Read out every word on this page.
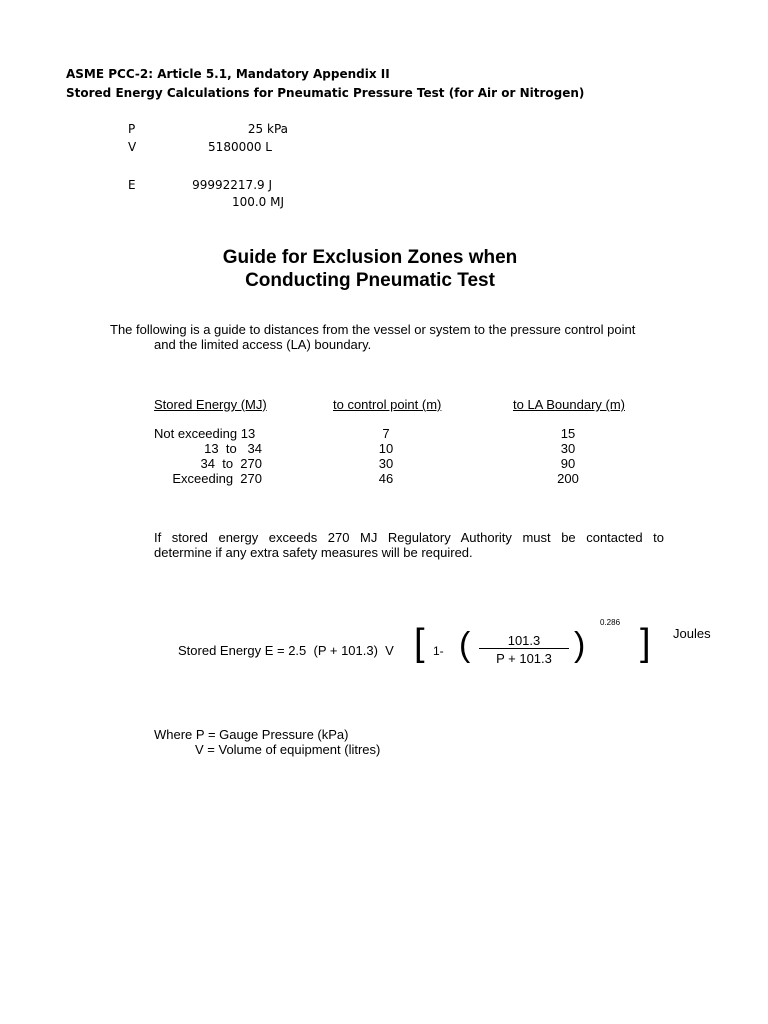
ASME PCC-2: Article 5.1, Mandatory Appendix II
Stored Energy Calculations for Pneumatic Pressure Test (for Air or Nitrogen)
P	25 kPa
V	5180000 L
E	99992217.9 J
100.0 MJ
Guide for Exclusion Zones when
Conducting Pneumatic Test
The following is a guide to distances from the vessel or system to the pressure control point
and the limited access (LA) boundary.
Stored Energy (MJ)	to control point (m)	to LA Boundary (m)
Not exceeding 13	7	15
13  to   34	10	30
34  to  270	30	90
Exceeding  270	46	200
If stored energy exceeds 270 MJ Regulatory Authority must be contacted to
determine if any extra safety measures will be required.
Stored Energy E = 2.5  (P + 101.3)  V [ 1- (	101.3
P + 101.3 )
0.286 ] Joules
Where P = Gauge Pressure (kPa)
V = Volume of equipment (litres)
